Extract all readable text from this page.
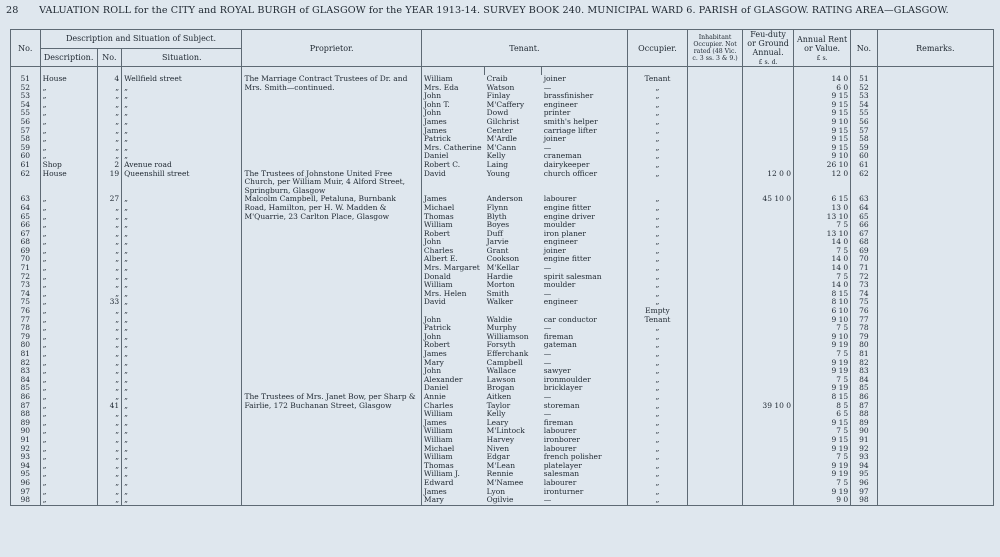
28 VALUATION ROLL for the CITY and ROYAL BURGH of GLASGOW for the YEAR 1913-14. SURVEY BOOK 240. MUNICIPAL WARD 6. PARISH of GLASGOW. RATING AREA—GLASGOW.
No.	Description and Situation of Subject.			Proprietor.	Tenant.			Occupier.	Inhabitant Occupier. Not rated (48 Vic. c. 3 ss. 3 & 9.)	Feu-duty or Ground Annual.
£ s. d.	Annual Rent or Value.
£ s.	No.	Remarks.
	Description.	No.	Situation.										

51	House	4	Wellfield street	The Marriage Contract Trustees of Dr. and Mrs. Smith—continued.	William	Craib	joiner	Tenant			14 0	51	
52	„	„	„		Mrs. Eda	Watson	—	„			6 0	52	
53	„	„	„		John	Finlay	brassfinisher	„			9 15	53	
54	„	„	„		John T.	M'Caffery	engineer	„			9 15	54	
55	„	„	„		John	Dowd	printer	„			9 15	55	
56	„	„	„		James	Gilchrist	smith's helper	„			9 10	56	
57	„	„	„		James	Center	carriage lifter	„			9 15	57	
58	„	„	„		Patrick	M'Ardle	joiner	„			9 15	58	
59	„	„	„		Mrs. Catherine	M'Cann	—	„			9 15	59	
60	„	„	„		Daniel	Kelly	craneman	„			9 10	60	
61	Shop	2	Avenue road		Robert C.	Laing	dairykeeper	„			26 10	61	
62	House	19	Queenshill street	The Trustees of Johnstone United Free Church, per William Muir, 4 Alford Street, Springburn, Glasgow	David	Young	church officer	„		12 0 0	12 0	62	

63	„	27	„	Malcolm Campbell, Petaluna, Burnbank Road, Hamilton, per H. W. Madden & M'Quarrie, 23 Carlton Place, Glasgow	James	Anderson	labourer	„		45 10 0	6 15	63	
64	„	„	„		Michael	Flynn	engine fitter	„			13 0	64	
65	„	„	„		Thomas	Blyth	engine driver	„			13 10	65	
66	„	„	„		William	Boyes	moulder	„			7 5	66	
67	„	„	„		Robert	Duff	iron planer	„			13 10	67	
68	„	„	„		John	Jarvie	engineer	„			14 0	68	
69	„	„	„		Charles	Grant	joiner	„			7 5	69	
70	„	„	„		Albert E.	Cookson	engine fitter	„			14 0	70	
71	„	„	„		Mrs. Margaret	M'Kellar	—	„			14 0	71	
72	„	„	„		Donald	Hardie	spirit salesman	„			7 5	72	
73	„	„	„		William	Morton	moulder	„			14 0	73	
74	„	„	„		Mrs. Helen	Smith	—	„			8 15	74	
75	„	33	„		David	Walker	engineer	„			8 10	75	
76	„	„	„					Empty			6 10	76	
77	„	„	„		John	Waldie	car conductor	Tenant			9 10	77	
78	„	„	„		Patrick	Murphy	—	„			7 5	78	
79	„	„	„		John	Williamson	fireman	„			9 10	79	
80	„	„	„		Robert	Forsyth	gateman	„			9 19	80	
81	„	„	„		James	Efferchank	—	„			7 5	81	
82	„	„	„		Mary	Campbell	—	„			9 19	82	
83	„	„	„		John	Wallace	sawyer	„			9 19	83	
84	„	„	„		Alexander	Lawson	ironmoulder	„			7 5	84	
85	„	„	„		Daniel	Brogan	bricklayer	„			9 19	85	
86	„	„	„	The Trustees of Mrs. Janet Bow, per Sharp & Fairlie, 172 Buchanan Street, Glasgow	Annie	Aitken	—	„			8 15	86	
87	„	41	„		Charles	Taylor	storeman	„		39 10 0	8 5	87	
88	„	„	„		William	Kelly	—	„			6 5	88	
89	„	„	„		James	Leary	fireman	„			9 15	89	
90	„	„	„		William	M'Lintock	labourer	„			7 5	90	
91	„	„	„		William	Harvey	ironborer	„			9 15	91	
92	„	„	„		Michael	Niven	labourer	„			9 19	92	
93	„	„	„		William	Edgar	french polisher	„			7 5	93	
94	„	„	„		Thomas	M'Lean	platelayer	„			9 19	94	
95	„	„	„		William J.	Rennie	salesman	„			9 19	95	
96	„	„	„		Edward	M'Namee	labourer	„			7 5	96	
97	„	„	„		James	Lyon	ironturner	„			9 19	97	
98	„	„	„		Mary	Ogilvie	—	„			9 0	98	
